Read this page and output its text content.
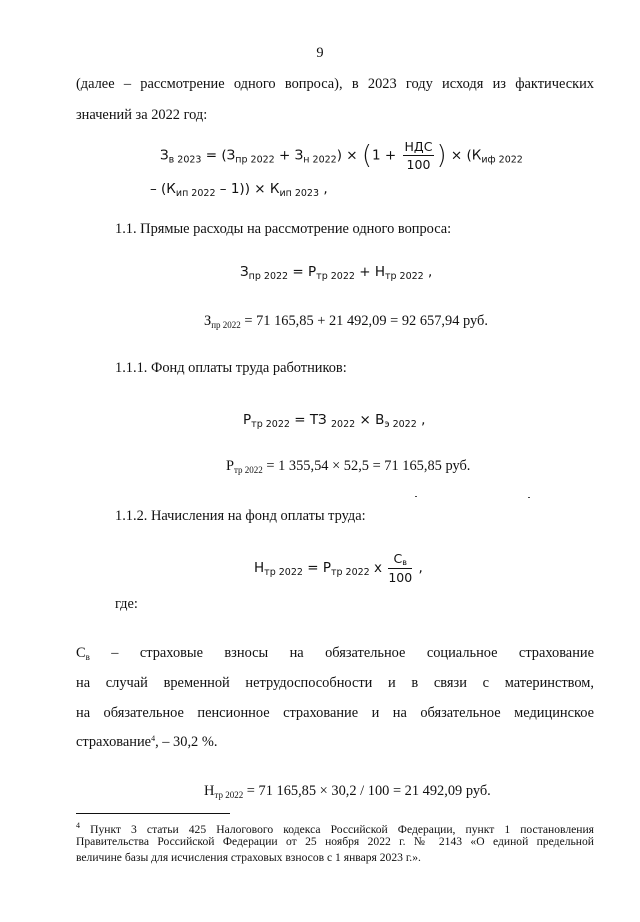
9
(далее – рассмотрение одного вопроса), в 2023 году исходя из фактических
значений за 2022 год:
$З_{в 2023} = (З_{пр 2022} + З_{н 2022}) \times (1 + \frac{\text{НДС}}{100}$ ) × ($К_{иф 2022}$
– $(К_{ип 2022} - 1)) \times К_{ип 2023}$ ,
1.1. Прямые расходы на рассмотрение одного вопроса:
$З_{пр 2022} = Р_{тр 2022} + Н_{тр 2022}$ ,
$З_{пр 2022} = 71$ 165,85 + 21 492,09 = 92 657,94 руб.
1.1.1. Фонд оплаты труда работников:
$Р_{тр 2022}$ = ТЗ $_{2022} \times В_{э 2022}$ ,
$Р_{тр 2022} = 1$ 355,54 × 52,5 = 71 165,85 руб.
1.1.2. Начисления на фонд оплаты труда:
$Н_{тр 2022} = Р_{тр 2022}$ x $\frac{С_в}{100}$ ,
где:
$С_в$ – страховые взносы на обязательное социальное страхование
на случай временной нетрудоспособности и в связи с материнством,
на обязательное пенсионное страхование и на обязательное медицинское
страхование$^4$, – 30,2 %.
$Н_{тр 2022} = 71$ 165,85 × 30,2 / 100 = 21 492,09 руб.
$^4$ Пункт 3 статьи 425 Налогового кодекса Российской Федерации, пункт 1 постановления
Правительства Российской Федерации от 25 ноября 2022 г. № 2143 «О единой предельной
величине базы для исчисления страховых взносов с 1 января 2023 г.».
